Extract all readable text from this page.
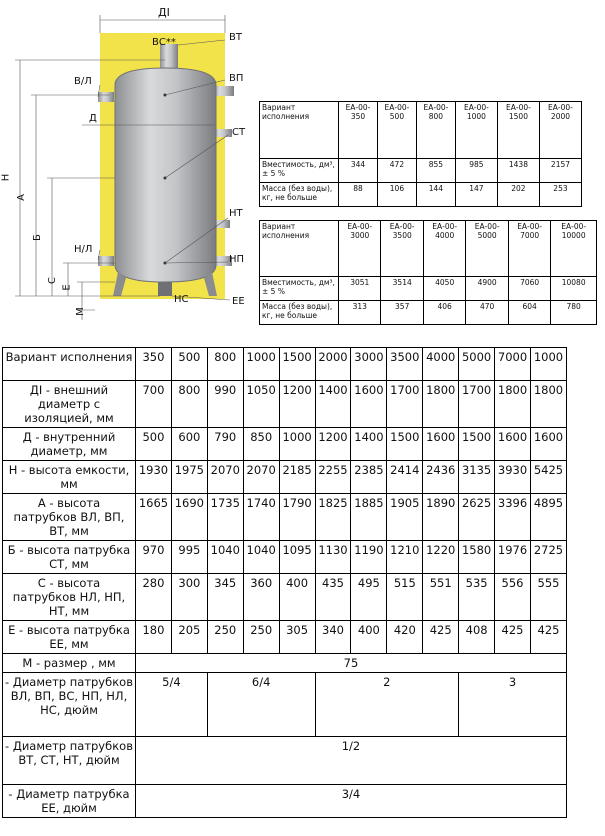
ДI
ВС**	ВТ
В/Л	ВП
Д
СТ
Н
А
Б
НТ
Н/Л
НП
С
Е
М
НС	ЕЕ
Вариант исполнения	ЕА-00-350	ЕА-00-500	ЕА-00-800	ЕА-00-1000	ЕА-00-1500	ЕА-00-2000
Вместимость, дм³, ± 5 %	344	472	855	985	1438	2157
Масса (без воды), кг, не больше	88	106	144	147	202	253
Вариант исполнения	ЕА-00-3000	ЕА-00-3500	ЕА-00-4000	ЕА-00-5000	ЕА-00-7000	ЕА-00-10000
Вместимость, дм³, ± 5 %	3051	3514	4050	4900	7060	10080
Масса (без воды), кг, не больше	313	357	406	470	604	780
Вариант исполнения	350	500	800	1000	1500	2000	3000	3500	4000	5000	7000	1000
ДI - внешний диаметр с изоляцией, мм	700	800	990	1050	1200	1400	1600	1700	1800	1700	1800	1800
Д - внутренний диаметр, мм	500	600	790	850	1000	1200	1400	1500	1600	1500	1600	1600
Н - высота емкости, мм	1930	1975	2070	2070	2185	2255	2385	2414	2436	3135	3930	5425
А - высота патрубков ВЛ, ВП, ВТ, мм	1665	1690	1735	1740	1790	1825	1885	1905	1890	2625	3396	4895
Б - высота патрубка СТ, мм	970	995	1040	1040	1095	1130	1190	1210	1220	1580	1976	2725
С - высота патрубков НЛ, НП, НТ, мм	280	300	345	360	400	435	495	515	551	535	556	555
Е - высота патрубка ЕЕ, мм	180	205	250	250	305	340	400	420	425	408	425	425
М - размер , мм	75											
- Диаметр патрубков ВЛ, ВП, ВС, НП, НЛ, НС, дюйм	5/4		6/4			2				3		
- Диаметр патрубков ВТ, СТ, НТ, дюйм	1/2											
- Диаметр патрубка ЕЕ, дюйм	3/4											
